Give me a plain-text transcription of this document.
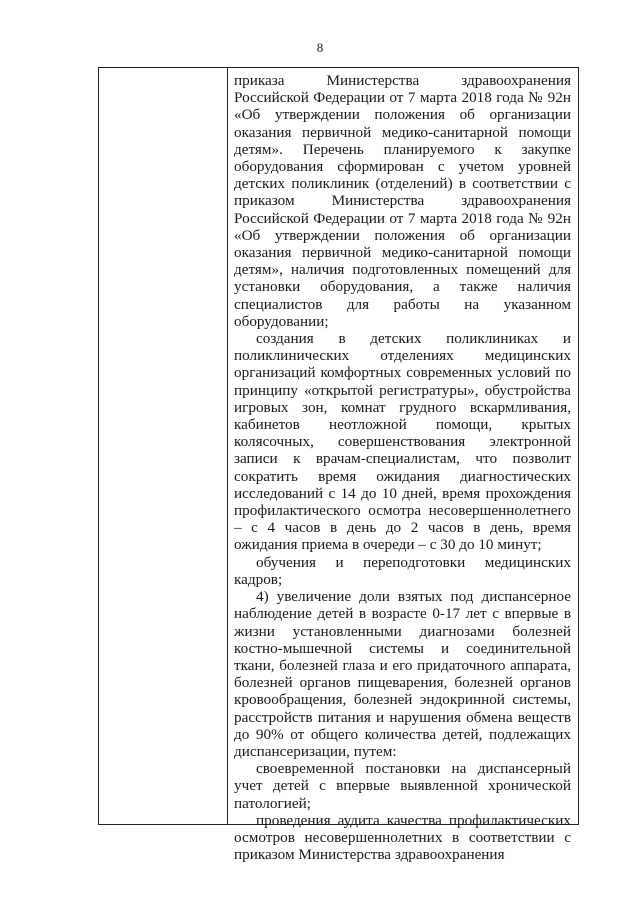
8

приказа Министерства здравоохранения Российской Федерации от 7 марта 2018 года № 92н «Об утверждении положения об организации оказания первичной медико-санитарной помощи детям». Перечень планируемого к закупке оборудования сформирован с учетом уровней детских поликлиник (отделений) в соответствии с приказом Министерства здравоохранения Российской Федерации от 7 марта 2018 года № 92н «Об утверждении положения об организации оказания первичной медико-санитарной помощи детям», наличия подготовленных помещений для установки оборудования, а также наличия специалистов для работы на указанном оборудовании;

создания в детских поликлиниках и поликлинических отделениях медицинских организаций комфортных современных условий по принципу «открытой регистратуры», обустройства игровых зон, комнат грудного вскармливания, кабинетов неотложной помощи, крытых колясочных, совершенствования электронной записи к врачам-специалистам, что позволит сократить время ожидания диагностических исследований с 14 до 10 дней, время прохождения профилактического осмотра несовершеннолетнего – с 4 часов в день до 2 часов в день, время ожидания приема в очереди – с 30 до 10 минут;

обучения и переподготовки медицинских кадров;

4) увеличение доли взятых под диспансерное наблюдение детей в возрасте 0-17 лет с впервые в жизни установленными диагнозами болезней костно-мышечной системы и соединительной ткани, болезней глаза и его придаточного аппарата, болезней органов пищеварения, болезней органов кровообращения, болезней эндокринной системы, расстройств питания и нарушения обмена веществ до 90% от общего количества детей, подлежащих диспансеризации, путем:

своевременной постановки на диспансерный учет детей с впервые выявленной хронической патологией;

проведения аудита качества профилактических осмотров несовершеннолетних в соответствии с приказом Министерства здравоохранения
